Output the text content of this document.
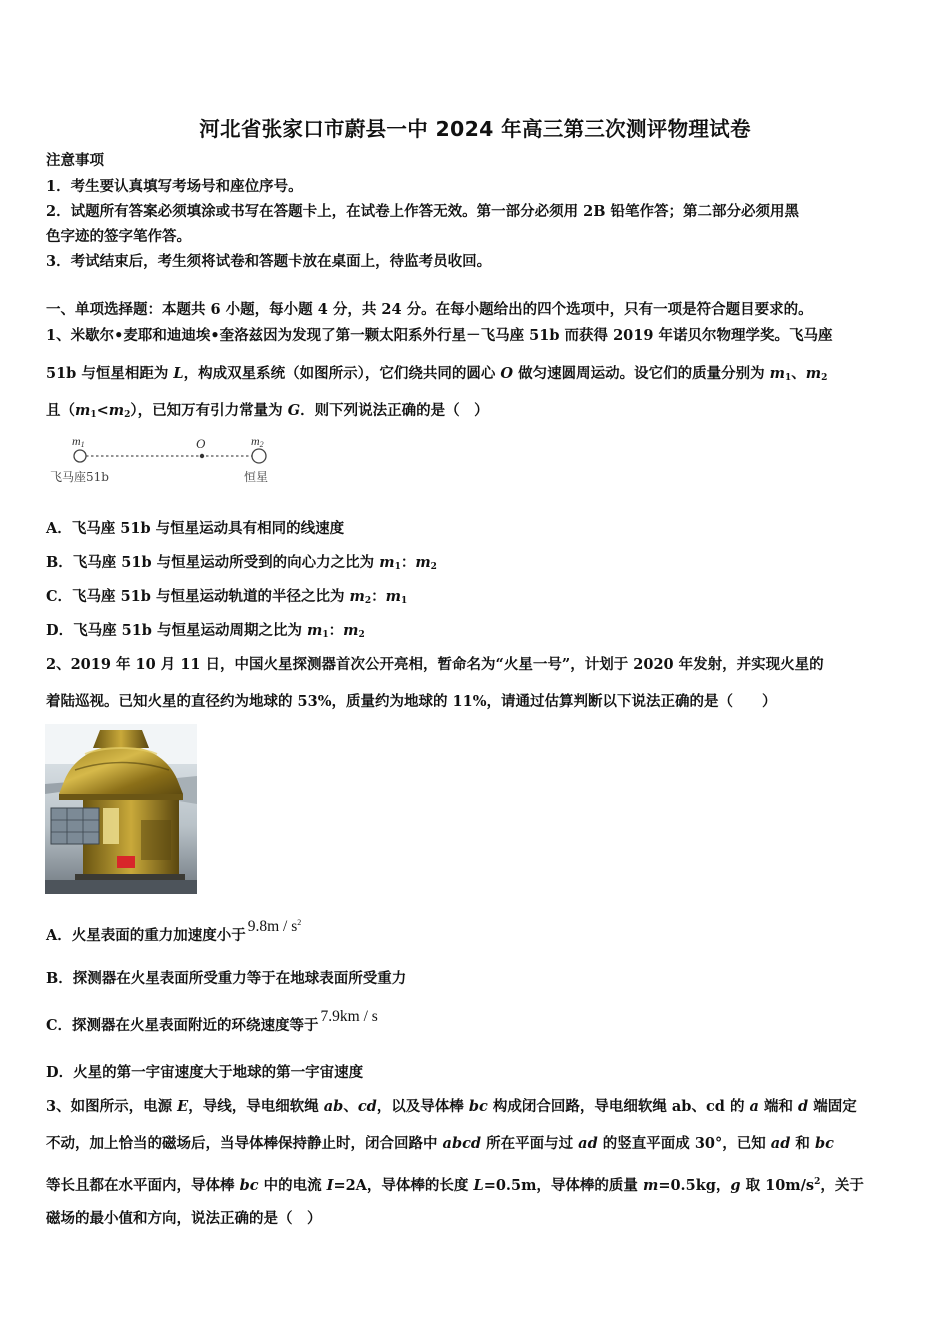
河北省张家口市蔚县一中 2024 年高三第三次测评物理试卷
注意事项
1．考生要认真填写考场号和座位序号。
2．试题所有答案必须填涂或书写在答题卡上，在试卷上作答无效。第一部分必须用 2B 铅笔作答；第二部分必须用黑
色字迹的签字笔作答。
3．考试结束后，考生须将试卷和答题卡放在桌面上，待监考员收回。
一、单项选择题：本题共 6 小题，每小题 4 分，共 24 分。在每小题给出的四个选项中，只有一项是符合题目要求的。
1、米歇尔•麦耶和迪迪埃•奎洛兹因为发现了第一颗太阳系外行星－飞马座 51b 而获得 2019 年诺贝尔物理学奖。飞马座
51b 与恒星相距为 L，构成双星系统（如图所示），它们绕共同的圆心 O 做匀速圆周运动。设它们的质量分别为 $m_1$、$m_2$
且$(m_1<m_2)$，已知万有引力常量为 G．则下列说法正确的是（　）
m1	O	m2
飞马座51b	恒星
A．飞马座 51b 与恒星运动具有相同的线速度
B．飞马座 51b 与恒星运动所受到的向心力之比为 $m_1$：$m_2$
C．飞马座 51b 与恒星运动轨道的半径之比为 $m_2$：$m_1$
D．飞马座 51b 与恒星运动周期之比为 $m_1$：$m_2$
2、2019 年 10 月 11 日，中国火星探测器首次公开亮相，暂命名为“火星一号”，计划于 2020 年发射，并实现火星的
着陆巡视。已知火星的直径约为地球的 53%，质量约为地球的 11%，请通过估算判断以下说法正确的是（　　）
A．火星表面的重力加速度小于$9.8m / s^2$
B．探测器在火星表面所受重力等于在地球表面所受重力
C．探测器在火星表面附近的环绕速度等于7.9km / s
D．火星的第一宇宙速度大于地球的第一宇宙速度
3、如图所示，电源 E，导线，导电细软绳 ab、cd，以及导体棒 bc 构成闭合回路，导电细软绳 ab、cd 的 a 端和 d 端固定
不动，加上恰当的磁场后，当导体棒保持静止时，闭合回路中 abcd 所在平面与过 ad 的竖直平面成 30°，已知 ad 和 bc
等长且都在水平面内，导体棒 bc 中的电流 I=2A，导体棒的长度 L=0.5m，导体棒的质量 m=0.5kg，g 取 $10m/s^2$，关于
磁场的最小值和方向，说法正确的是（　）
